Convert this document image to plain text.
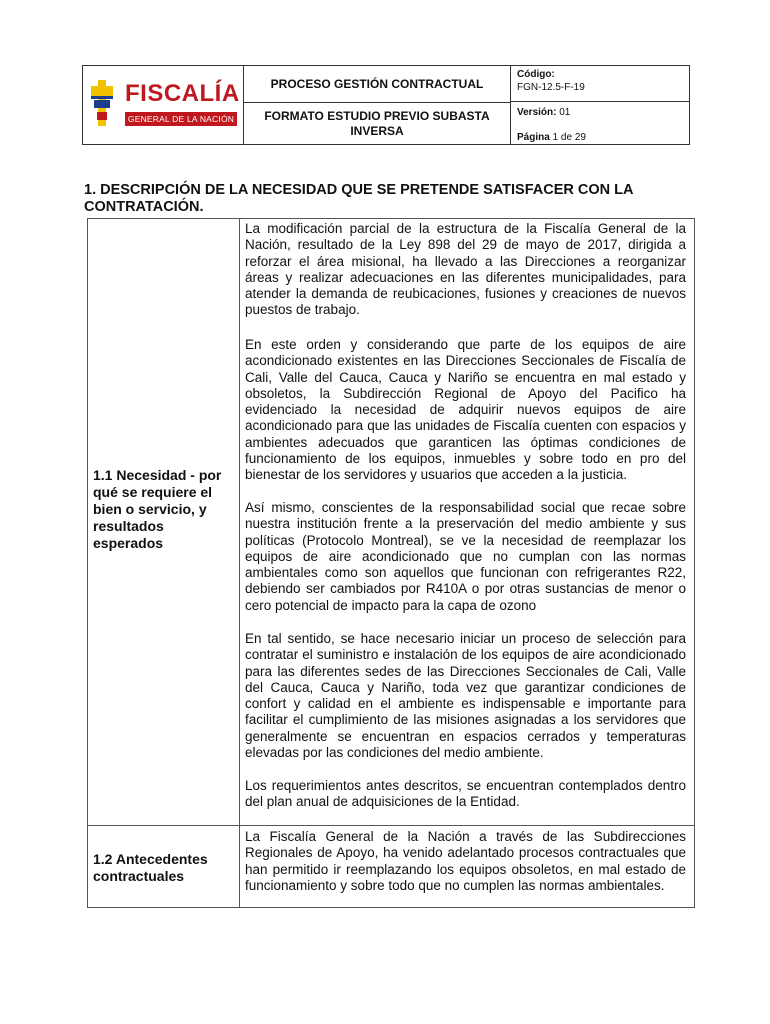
FISCALÍA
GENERAL DE LA NACIÓN
PROCESO GESTIÓN CONTRACTUAL
FORMATO ESTUDIO PREVIO SUBASTA INVERSA
Código:
FGN-12.5-F-19
Versión: 01
Página 1 de 29
1. DESCRIPCIÓN DE LA NECESIDAD QUE SE PRETENDE SATISFACER CON LA CONTRATACIÓN.
1.1 Necesidad - por qué se requiere el bien o servicio, y resultados esperados

La modificación parcial de la estructura de la Fiscalía General de la Nación, resultado de la Ley 898 del 29 de mayo de 2017, dirigida a reforzar el área misional, ha llevado a las Direcciones a reorganizar áreas y realizar adecuaciones en las diferentes municipalidades, para atender la demanda de reubicaciones, fusiones y creaciones de nuevos puestos de trabajo.

En este orden y considerando que parte de los equipos de aire acondicionado existentes en las Direcciones Seccionales de Fiscalía de Cali, Valle del Cauca, Cauca y Nariño se encuentra en mal estado y obsoletos, la Subdirección Regional de Apoyo del Pacifico ha evidenciado la necesidad de adquirir nuevos equipos de aire acondicionado para que las unidades de Fiscalía cuenten con espacios y ambientes adecuados que garanticen las óptimas condiciones de funcionamiento de los equipos, inmuebles y sobre todo en pro del bienestar de los servidores y usuarios que acceden a la justicia.

Así mismo, conscientes de la responsabilidad social que recae sobre nuestra institución frente a la preservación del medio ambiente y sus políticas (Protocolo Montreal), se ve la necesidad de reemplazar los equipos de aire acondicionado que no cumplan con las normas ambientales como son aquellos que funcionan con refrigerantes R22, debiendo ser cambiados por R410A o por otras sustancias de menor o cero potencial de impacto para la capa de ozono

En tal sentido, se hace necesario iniciar un proceso de selección para contratar el suministro e instalación de los equipos de aire acondicionado para las diferentes sedes de las Direcciones Seccionales de Cali, Valle del Cauca, Cauca y Nariño, toda vez que garantizar condiciones de confort y calidad en el ambiente es indispensable e importante para facilitar el cumplimiento de las misiones asignadas a los servidores que generalmente se encuentran en espacios cerrados y temperaturas elevadas por las condiciones del medio ambiente.

Los requerimientos antes descritos, se encuentran contemplados dentro del plan anual de adquisiciones de la Entidad.

1.2 Antecedentes contractuales

La Fiscalía General de la Nación a través de las Subdirecciones Regionales de Apoyo, ha venido adelantado procesos contractuales que han permitido ir reemplazando los equipos obsoletos, en mal estado de funcionamiento y sobre todo que no cumplen las normas ambientales.
